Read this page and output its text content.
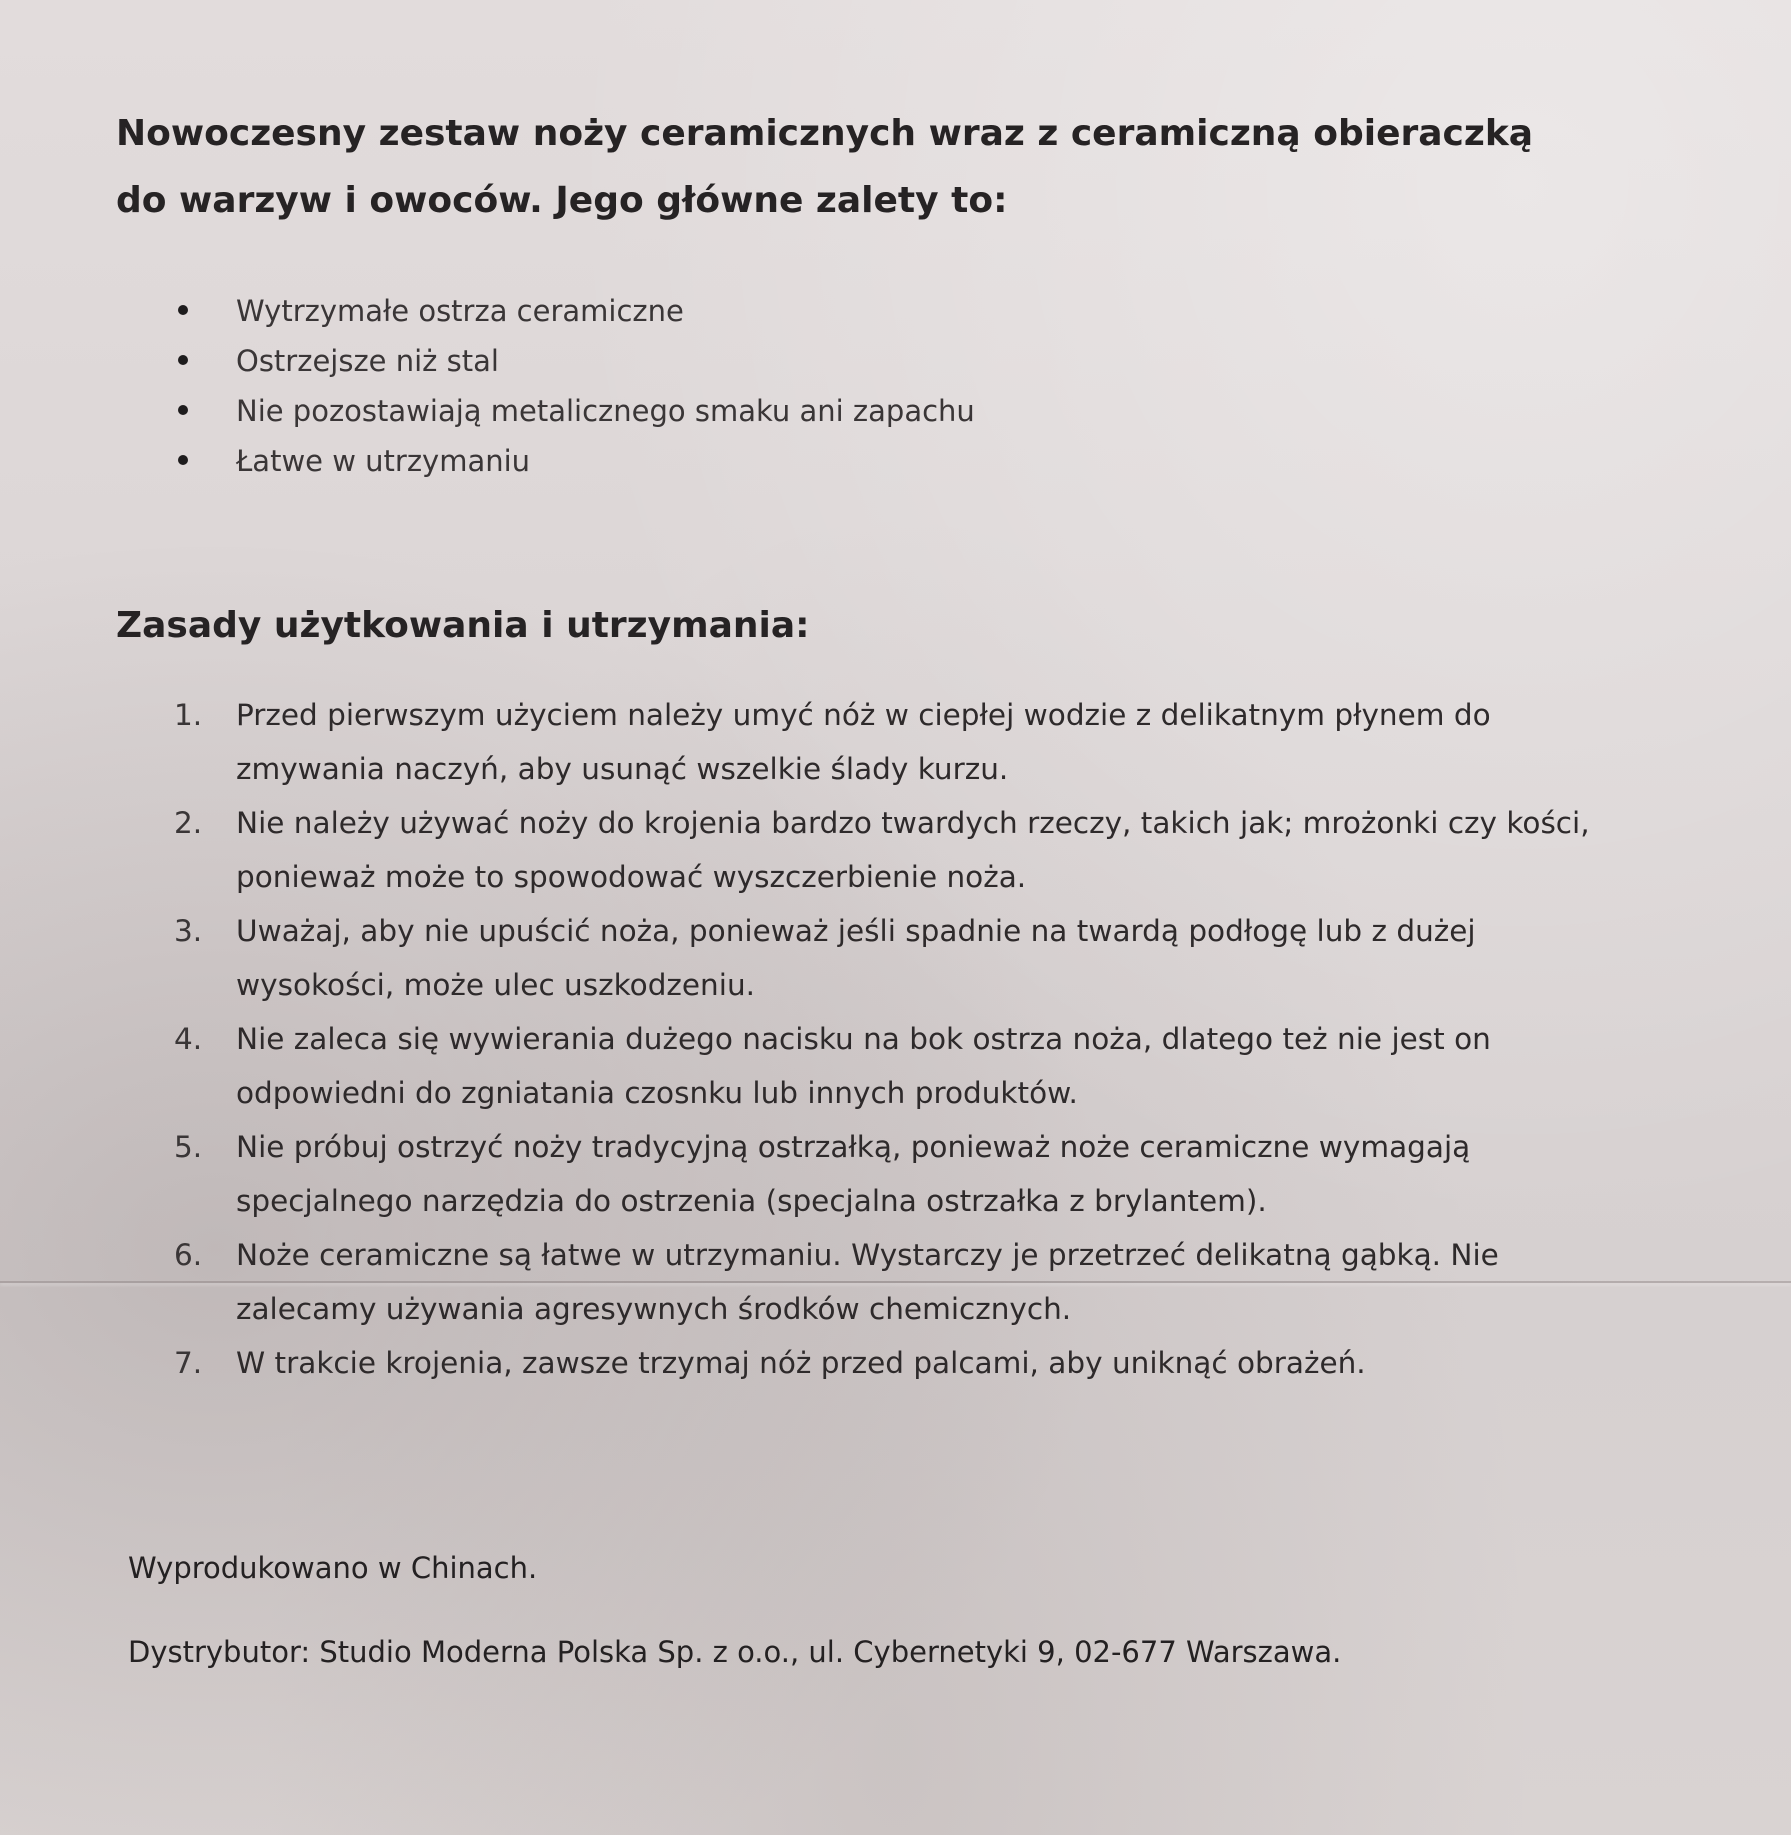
Nowoczesny zestaw noży ceramicznych wraz z ceramiczną obieraczką do warzyw i owoców. Jego główne zalety to:

Wytrzymałe ostrza ceramiczne
Ostrzejsze niż stal
Nie pozostawiają metalicznego smaku ani zapachu
Łatwe w utrzymaniu
Zasady użytkowania i utrzymania:
1. Przed pierwszym użyciem należy umyć nóż w ciepłej wodzie z delikatnym płynem do zmywania naczyń, aby usunąć wszelkie ślady kurzu.
2. Nie należy używać noży do krojenia bardzo twardych rzeczy, takich jak; mrożonki czy kości, ponieważ może to spowodować wyszczerbienie noża.
3. Uważaj, aby nie upuścić noża, ponieważ jeśli spadnie na twardą podłogę lub z dużej wysokości, może ulec uszkodzeniu.
4. Nie zaleca się wywierania dużego nacisku na bok ostrza noża, dlatego też nie jest on odpowiedni do zgniatania czosnku lub innych produktów.
5. Nie próbuj ostrzyć noży tradycyjną ostrzałką, ponieważ noże ceramiczne wymagają specjalnego narzędzia do ostrzenia (specjalna ostrzałka z brylantem).
6. Noże ceramiczne są łatwe w utrzymaniu. Wystarczy je przetrzeć delikatną gąbką. Nie zalecamy używania agresywnych środków chemicznych.
7. W trakcie krojenia, zawsze trzymaj nóż przed palcami, aby uniknąć obrażeń.

Wyprodukowano w Chinach.

Dystrybutor: Studio Moderna Polska Sp. z o.o., ul. Cybernetyki 9, 02-677 Warszawa.
